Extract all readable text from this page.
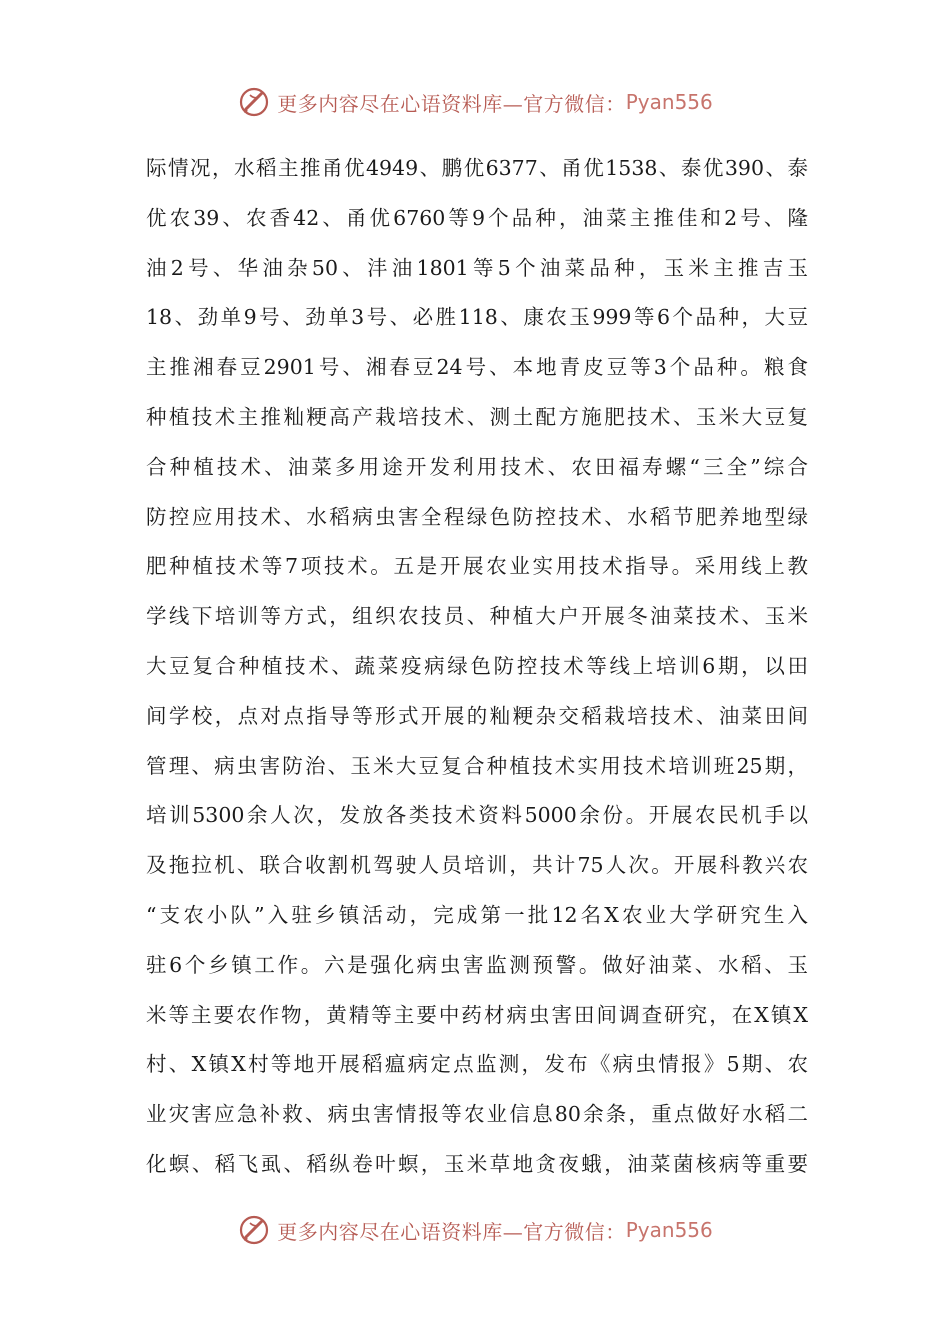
更多内容尽在心语资料库—官方微信： Pyan556
际情况，水稻主推甬优4949、鹏优6377、甬优1538、泰优390、泰
优农39、农香42、甬优6760等9个品种，油菜主推佳和2号、隆
油2号、华油杂50、沣油1801等5个油菜品种，玉米主推吉玉
18、劲单9号、劲单3号、必胜118、康农玉999等6个品种，大豆
主推湘春豆2901号、湘春豆24号、本地青皮豆等3个品种。粮食
种植技术主推籼粳高产栽培技术、测土配方施肥技术、玉米大豆复
合种植技术、油菜多用途开发利用技术、农田福寿螺“三全”综合
防控应用技术、水稻病虫害全程绿色防控技术、水稻节肥养地型绿
肥种植技术等7项技术。五是开展农业实用技术指导。采用线上教
学线下培训等方式，组织农技员、种植大户开展冬油菜技术、玉米
大豆复合种植技术、蔬菜疫病绿色防控技术等线上培训6期，以田
间学校，点对点指导等形式开展的籼粳杂交稻栽培技术、油菜田间
管理、病虫害防治、玉米大豆复合种植技术实用技术培训班25期，
培训5300余人次，发放各类技术资料5000余份。开展农民机手以
及拖拉机、联合收割机驾驶人员培训，共计75人次。开展科教兴农
“支农小队”入驻乡镇活动，完成第一批12名X农业大学研究生入
驻6个乡镇工作。六是强化病虫害监测预警。做好油菜、水稻、玉
米等主要农作物，黄精等主要中药材病虫害田间调查研究，在X镇X
村、X镇X村等地开展稻瘟病定点监测，发布《病虫情报》5期、农
业灾害应急补救、病虫害情报等农业信息80余条，重点做好水稻二
化螟、稻飞虱、稻纵卷叶螟，玉米草地贪夜蛾，油菜菌核病等重要
更多内容尽在心语资料库—官方微信： Pyan556
